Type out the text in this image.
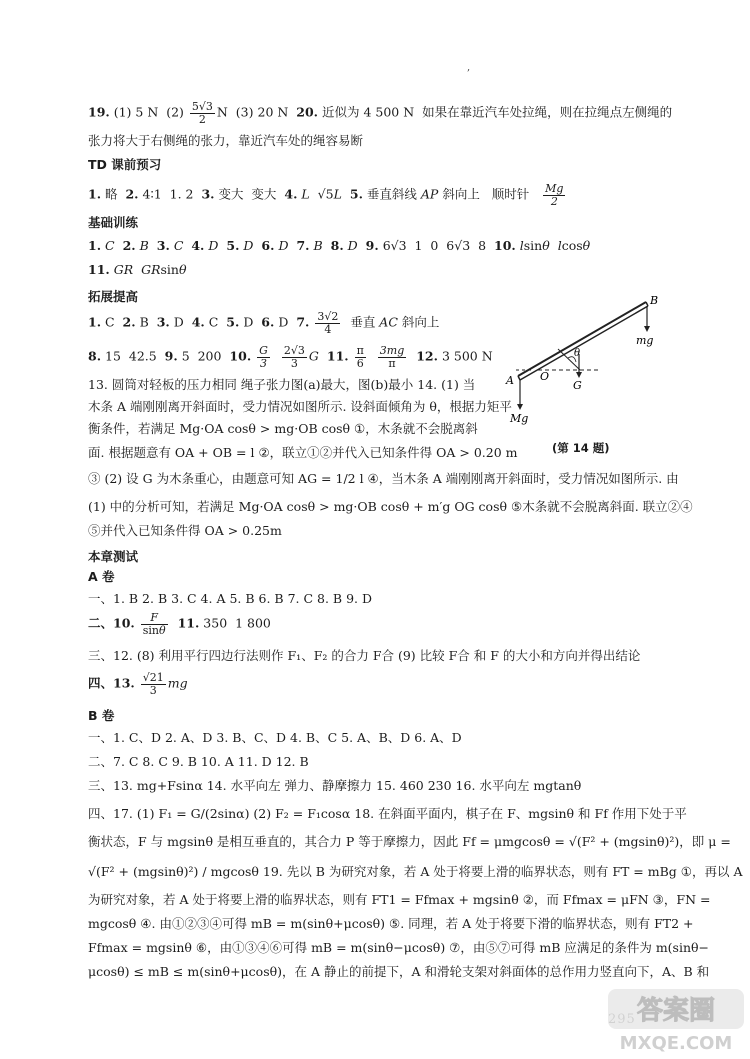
,
19. (1) 5 N  $(2) \frac{5√3}{2}$ N  (3) 20 N  20. 近似为 4 500 N  如果在靠近汽车处拉绳，则在拉绳点左侧绳的
张力将大于右侧绳的张力，靠近汽车处的绳容易断
TD 课前预习
1. 略  2. 4∶1  1. 2  3. 变大  变大  4. L  √5L 5. 垂直斜线 AP 斜向上   顺时针 $\frac{Mg}{2}$
基础训练
1. C 2. B 3. C 4. D 5. D 6. D 7. B 8. D 9. 6√3  1  0  6√3  8  10. lsinθ lcosθ
11. GR GRsinθ
拓展提高
1. C  2. B  3. D  4. C  5. D  6. D  7. $\frac{3√2}{4}$ 垂直 AC 斜向上
8. 15  42.5  9. 5  200  10. $\frac{G}{3}$
$\frac{2√3}{3}$ G 11. $\frac{\pi}{6}$
$\frac{3mg}{\pi} 12$. 3 500 N
13. 圆筒对轻板的压力相同 绳子张力图(a)最大，图(b)最小 14. (1) 当
木条 A 端刚刚离开斜面时，受力情况如图所示. 设斜面倾角为 θ，根据力矩平
衡条件，若满足 Mg·OA cosθ > mg·OB cosθ ①，木条就不会脱离斜
面. 根据题意有 OA + OB = l ②，联立①②并代入已知条件得 OA > 0.20 m
③ (2) 设 G 为木条重心，由题意可知 AG = 1/2 l ④，当木条 A 端刚刚离开斜面时，受力情况如图所示. 由
(1) 中的分析可知，若满足 Mg·OA cosθ > mg·OB cosθ + m′g OG cosθ ⑤木条就不会脱离斜面. 联立②④
⑤并代入已知条件得 OA > 0.25m
A O
B
G
θ
mg
Mg
(第 14 题)
本章测试
A 卷
一、1. B 2. B 3. C 4. A 5. B 6. B 7. C 8. B 9. D
二、10. $\frac{F}{\sin\theta} 11$. 350  1 800
三、12. (8) 利用平行四边行法则作 F₁、F₂ 的合力 F合 (9) 比较 F合 和 F 的大小和方向并得出结论
四、13. $\frac{√21}{3}$ mg
B 卷
一、1. C、D 2. A、D 3. B、C、D 4. B、C 5. A、B、D 6. A、D
二、7. C 8. C 9. B 10. A 11. D 12. B
三、13. mg+Fsinα 14. 水平向左 弹力、静摩擦力 15. 460 230 16. 水平向左 mgtanθ
四、17. (1) F₁ = G/(2sinα) (2) F₂ = F₁cosα 18. 在斜面平面内，棋子在 F、mgsinθ 和 Ff 作用下处于平
衡状态，F 与 mgsinθ 是相互垂直的，其合力 P 等于摩擦力，因此 Ff = μmgcosθ = √(F² + (mgsinθ)²)，即 μ =
√(F² + (mgsinθ)²) / mgcosθ 19. 先以 B 为研究对象，若 A 处于将要上滑的临界状态，则有 FT = mBg ①，再以 A
为研究对象，若 A 处于将要上滑的临界状态，则有 FT1 = Ffmax + mgsinθ ②，而 Ffmax = μFN ③，FN =
mgcosθ ④. 由①②③④可得 mB = m(sinθ+μcosθ) ⑤. 同理，若 A 处于将要下滑的临界状态，则有 FT2 +
Ffmax = mgsinθ ⑥，由①③④⑥可得 mB = m(sinθ−μcosθ) ⑦，由⑤⑦可得 mB 应满足的条件为 m(sinθ−
μcosθ) ≤ mB ≤ m(sinθ+μcosθ)，在 A 静止的前提下，A 和滑轮支架对斜面体的总作用力竖直向下，A、B 和
答案圈
MXQE.COM
